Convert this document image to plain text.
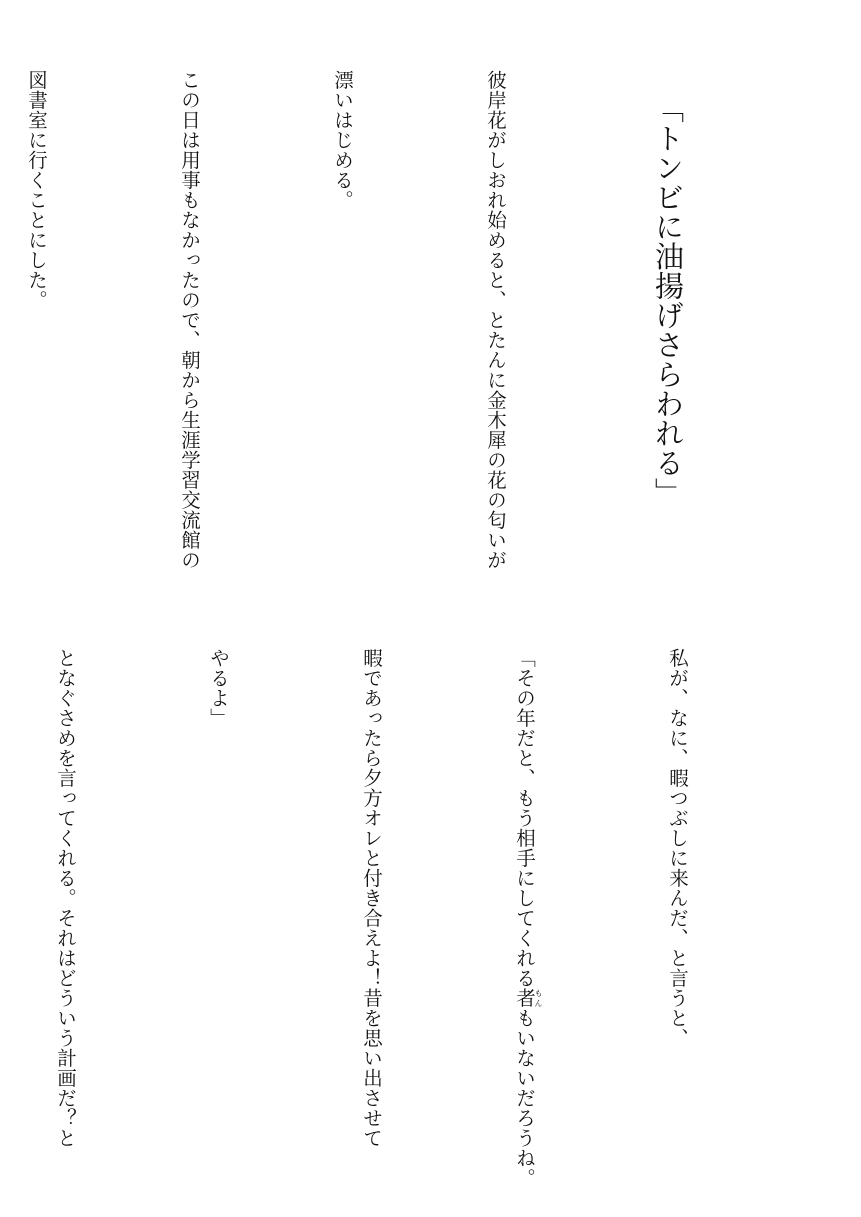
「トンビに油揚げさらわれる」

彼岸花がしおれ始めると、とたんに金木犀の花の匂いが

漂いはじめる。

この日は用事もなかったので、朝から生涯学習交流館の

図書室に行くことにした。

私が、なに、暇つぶしに来んだ、と言うと、

「その年だと、もう相手にしてくれる者もんもいないだろうね。

暇であったら夕方オレと付き合えよ！昔を思い出させて

やるよ」

となぐさめを言ってくれる。それはどういう計画だ？と
